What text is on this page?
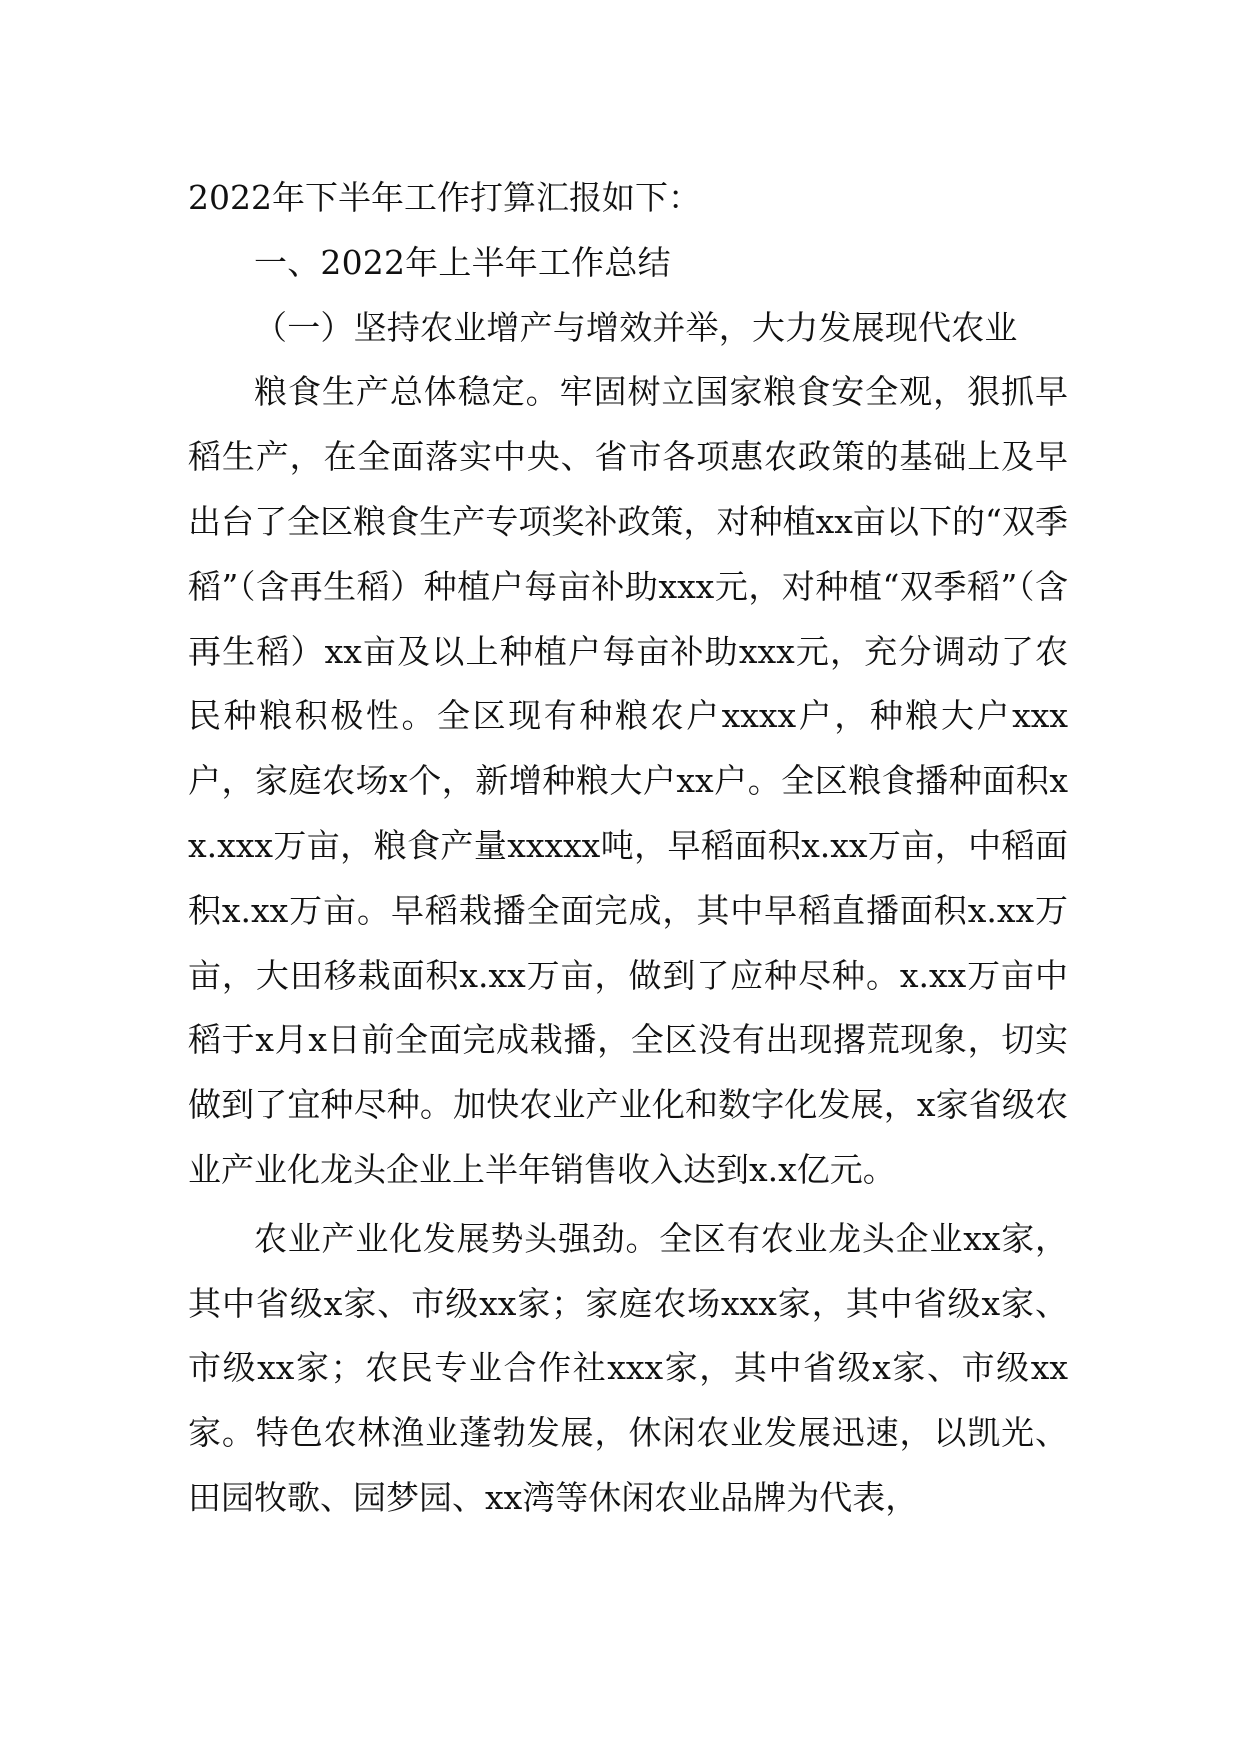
2022年下半年工作打算汇报如下：

一、2022年上半年工作总结

（一）坚持农业增产与增效并举，大力发展现代农业

粮食生产总体稳定。牢固树立国家粮食安全观，狠抓早稻生产，在全面落实中央、省市各项惠农政策的基础上及早出台了全区粮食生产专项奖补政策，对种植xx亩以下的“双季稻”（含再生稻）种植户每亩补助xxx元，对种植“双季稻”（含再生稻）xx亩及以上种植户每亩补助xxx元，充分调动了农民种粮积极性。全区现有种粮农户xxxx户，种粮大户xxx户，家庭农场x个，新增种粮大户xx户。全区粮食播种面积xx.xxx万亩，粮食产量xxxxx吨，早稻面积x.xx万亩，中稻面积x.xx万亩。早稻栽播全面完成，其中早稻直播面积x.xx万亩，大田移栽面积x.xx万亩，做到了应种尽种。x.xx万亩中稻于x月x日前全面完成栽播，全区没有出现撂荒现象，切实做到了宜种尽种。加快农业产业化和数字化发展，x家省级农业产业化龙头企业上半年销售收入达到x.x亿元。

农业产业化发展势头强劲。全区有农业龙头企业xx家，其中省级x家、市级xx家；家庭农场xxx家，其中省级x家、市级xx家；农民专业合作社xxx家，其中省级x家、市级xx家。特色农林渔业蓬勃发展，休闲农业发展迅速，以凯光、田园牧歌、园梦园、xx湾等休闲农业品牌为代表，
